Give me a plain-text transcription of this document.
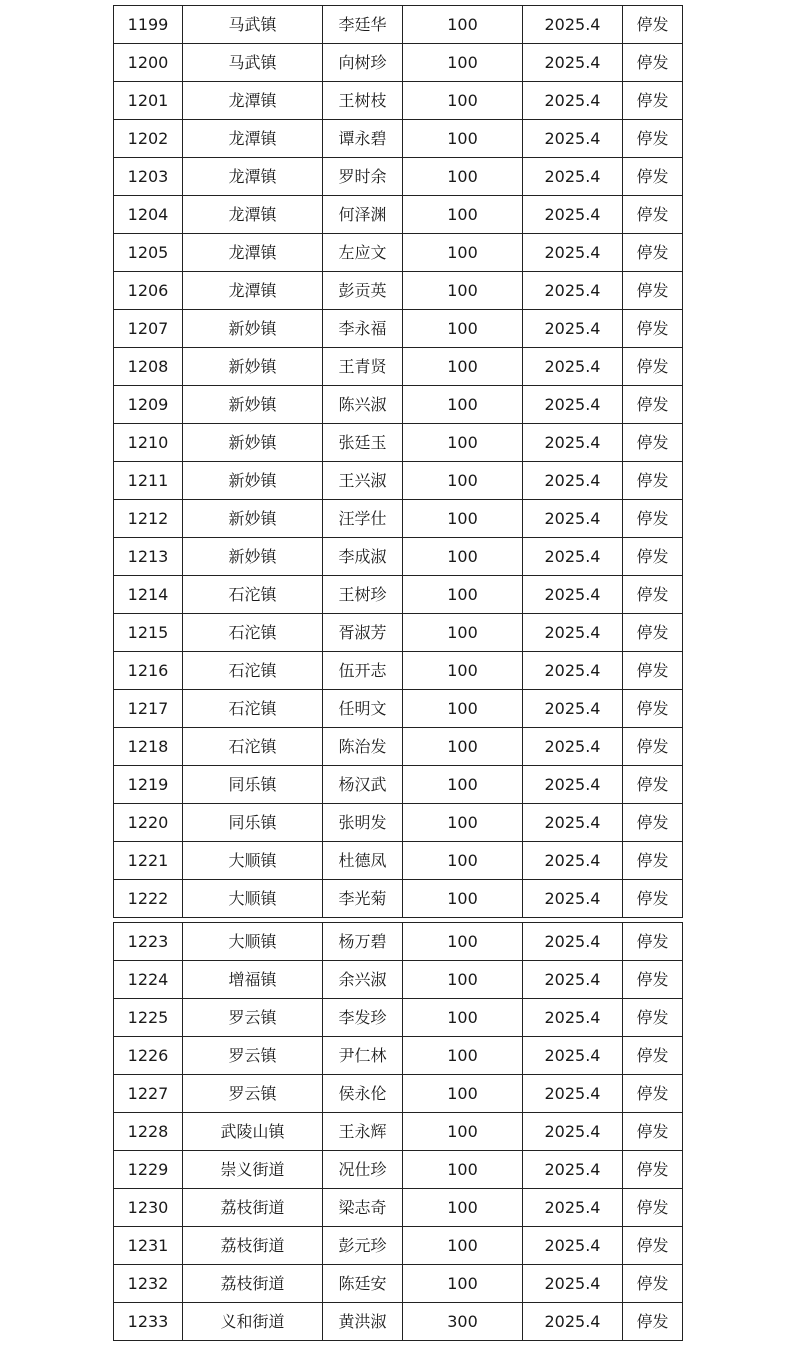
1199	马武镇	李廷华	100	2025.4	停发
1200	马武镇	向树珍	100	2025.4	停发
1201	龙潭镇	王树枝	100	2025.4	停发
1202	龙潭镇	谭永碧	100	2025.4	停发
1203	龙潭镇	罗时余	100	2025.4	停发
1204	龙潭镇	何泽渊	100	2025.4	停发
1205	龙潭镇	左应文	100	2025.4	停发
1206	龙潭镇	彭贡英	100	2025.4	停发
1207	新妙镇	李永福	100	2025.4	停发
1208	新妙镇	王青贤	100	2025.4	停发
1209	新妙镇	陈兴淑	100	2025.4	停发
1210	新妙镇	张廷玉	100	2025.4	停发
1211	新妙镇	王兴淑	100	2025.4	停发
1212	新妙镇	汪学仕	100	2025.4	停发
1213	新妙镇	李成淑	100	2025.4	停发
1214	石沱镇	王树珍	100	2025.4	停发
1215	石沱镇	胥淑芳	100	2025.4	停发
1216	石沱镇	伍开志	100	2025.4	停发
1217	石沱镇	任明文	100	2025.4	停发
1218	石沱镇	陈治发	100	2025.4	停发
1219	同乐镇	杨汉武	100	2025.4	停发
1220	同乐镇	张明发	100	2025.4	停发
1221	大顺镇	杜德凤	100	2025.4	停发
1222	大顺镇	李光菊	100	2025.4	停发
1223	大顺镇	杨万碧	100	2025.4	停发
1224	增福镇	余兴淑	100	2025.4	停发
1225	罗云镇	李发珍	100	2025.4	停发
1226	罗云镇	尹仁林	100	2025.4	停发
1227	罗云镇	侯永伦	100	2025.4	停发
1228	武陵山镇	王永辉	100	2025.4	停发
1229	崇义街道	况仕珍	100	2025.4	停发
1230	荔枝街道	梁志奇	100	2025.4	停发
1231	荔枝街道	彭元珍	100	2025.4	停发
1232	荔枝街道	陈廷安	100	2025.4	停发
1233	义和街道	黄洪淑	300	2025.4	停发
